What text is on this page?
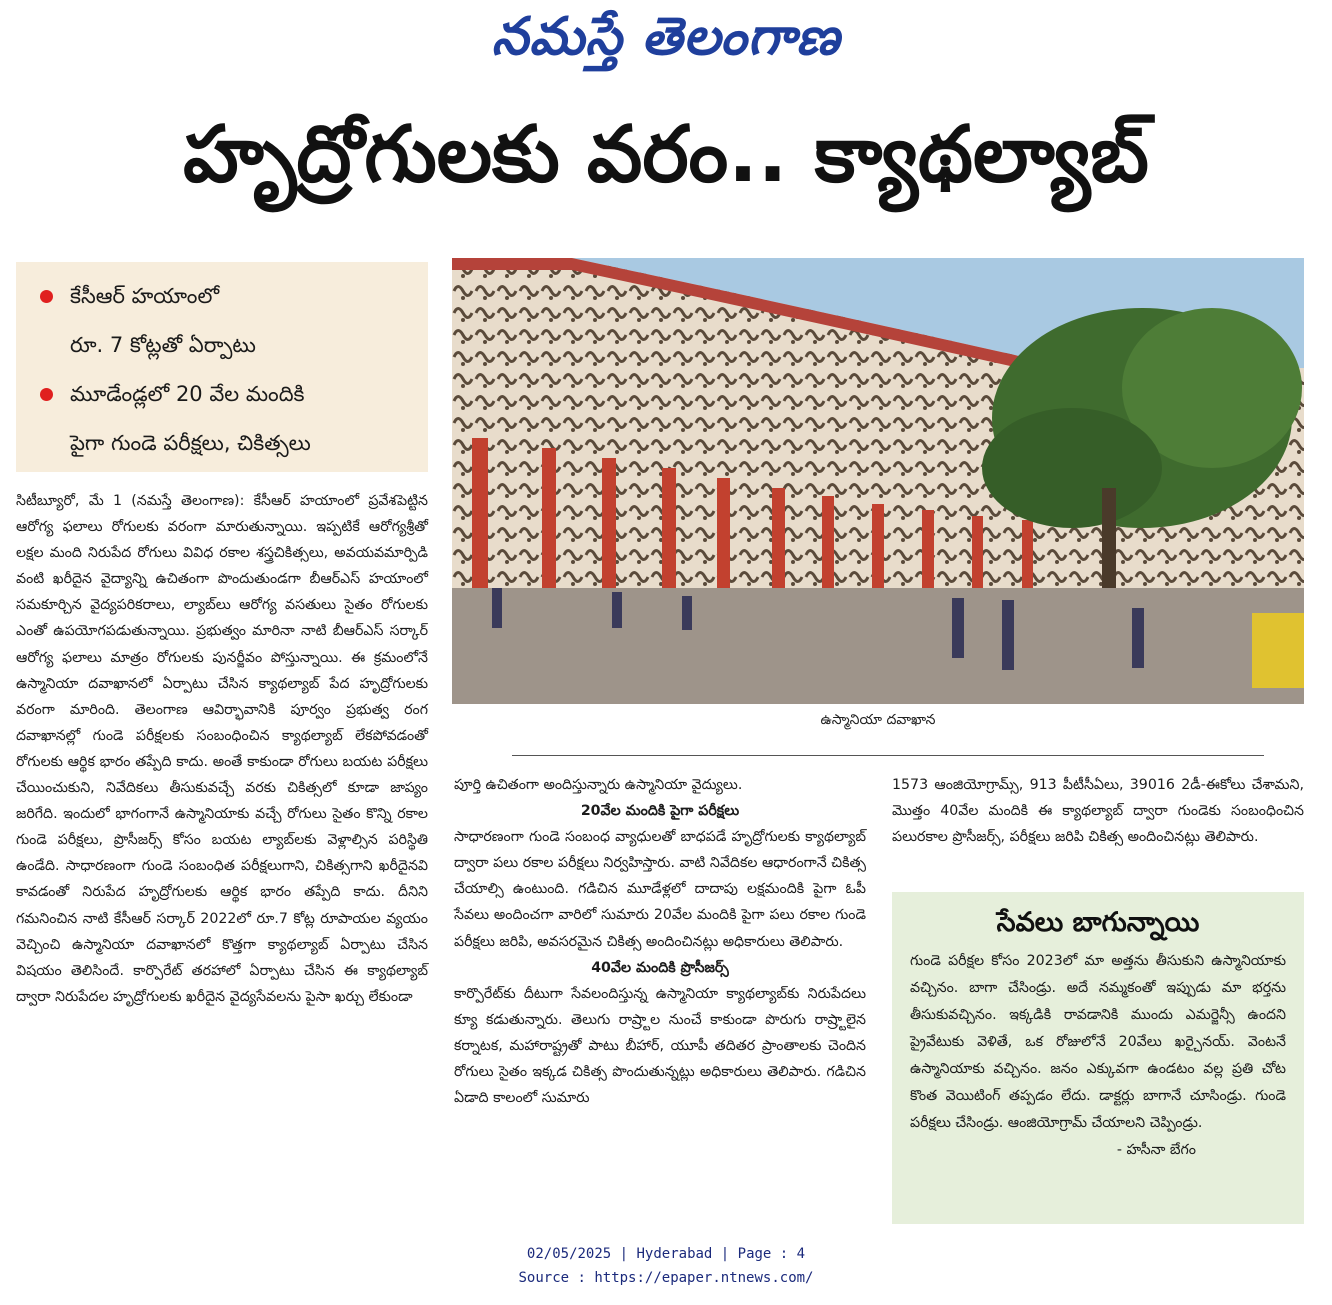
నమస్తే తెలంగాణ
హృద్రోగులకు వరం.. క్యాథల్యాబ్
కేసీఆర్ హయాంలో
రూ. 7 కోట్లతో ఏర్పాటు
మూడేండ్లలో 20 వేల మందికి
పైగా గుండె పరీక్షలు, చికిత్సలు
ఉస్మానియా దవాఖాన

సిటీబ్యూరో, మే 1 (నమస్తే తెలంగాణ): కేసీఆర్ హయాంలో ప్రవేశపెట్టిన ఆరోగ్య ఫలాలు రోగులకు వరంగా మారుతున్నాయి. ఇప్పటికే ఆరోగ్యశ్రీతో లక్షల మంది నిరుపేద రోగులు వివిధ రకాల శస్త్రచికిత్సలు, అవయవమార్పిడి వంటి ఖరీదైన వైద్యాన్ని ఉచితంగా పొందుతుండగా బీఆర్ఎస్ హయాంలో సమకూర్చిన వైద్యపరికరాలు, ల్యాబ్‌లు ఆరోగ్య వసతులు సైతం రోగులకు ఎంతో ఉపయోగపడుతున్నాయి. ప్రభుత్వం మారినా నాటి బీఆర్ఎస్ సర్కార్ ఆరోగ్య ఫలాలు మాత్రం రోగులకు పునర్జీవం పోస్తున్నాయి. ఈ క్రమంలోనే ఉస్మానియా దవాఖానలో ఏర్పాటు చేసిన క్యాథల్యాబ్ పేద హృద్రోగులకు వరంగా మారింది. తెలంగాణ ఆవిర్భావానికి పూర్వం ప్రభుత్వ రంగ దవాఖానల్లో గుండె పరీక్షలకు సంబంధించిన క్యాథల్యాబ్ లేకపోవడంతో రోగులకు ఆర్థిక భారం తప్పేది కాదు. అంతే కాకుండా రోగులు బయట పరీక్షలు చేయించుకుని, నివేదికలు తీసుకువచ్చే వరకు చికిత్సలో కూడా జాప్యం జరిగేది. ఇందులో భాగంగానే ఉస్మానియాకు వచ్చే రోగులు సైతం కొన్ని రకాల గుండె పరీక్షలు, ప్రొసీజర్స్ కోసం బయట ల్యాబ్‌లకు వెళ్లాల్సిన పరిస్థితి ఉండేది. సాధారణంగా గుండె సంబంధిత పరీక్షలుగాని, చికిత్సగాని ఖరీదైనవి కావడంతో నిరుపేద హృద్రోగులకు ఆర్థిక భారం తప్పేది కాదు. దీనిని గమనించిన నాటి కేసీఆర్ సర్కార్ 2022లో రూ.7 కోట్ల రూపాయల వ్యయం వెచ్చించి ఉస్మానియా దవాఖానలో కొత్తగా క్యాథల్యాబ్ ఏర్పాటు చేసిన విషయం తెలిసిందే. కార్పొరేట్ తరహాలో ఏర్పాటు చేసిన ఈ క్యాథల్యాబ్ ద్వారా నిరుపేదల హృద్రోగులకు ఖరీదైన వైద్యసేవలను పైసా ఖర్చు లేకుండా

పూర్తి ఉచితంగా అందిస్తున్నారు ఉస్మానియా వైద్యులు.

20వేల మందికి పైగా పరీక్షలు

సాధారణంగా గుండె సంబంధ వ్యాధులతో బాధపడే హృద్రోగులకు క్యాథల్యాబ్ ద్వారా పలు రకాల పరీక్షలు నిర్వహిస్తారు. వాటి నివేదికల ఆధారంగానే చికిత్స చేయాల్సి ఉంటుంది. గడిచిన మూడేళ్లలో దాదాపు లక్షమందికి పైగా ఓపీ సేవలు అందించగా వారిలో సుమారు 20వేల మందికి పైగా పలు రకాల గుండె పరీక్షలు జరిపి, అవసరమైన చికిత్స అందించినట్లు అధికారులు తెలిపారు.

40వేల మందికి ప్రొసీజర్స్

కార్పొరేట్‌కు దీటుగా సేవలందిస్తున్న ఉస్మానియా క్యాథల్యాబ్‌కు నిరుపేదలు క్యూ కడుతున్నారు. తెలుగు రాష్ర్టాల నుంచే కాకుండా పొరుగు రాష్ర్టాలైన కర్నాటక, మహారాష్ట్రతో పాటు బీహార్, యూపీ తదితర ప్రాంతాలకు చెందిన రోగులు సైతం ఇక్కడ చికిత్స పొందుతున్నట్లు అధికారులు తెలిపారు. గడిచిన ఏడాది కాలంలో సుమారు

1573 ఆంజియోగ్రామ్స్, 913 పీటీసీఏలు, 39016 2డీ-ఈకోలు చేశామని, మొత్తం 40వేల మందికి ఈ క్యాథల్యాబ్ ద్వారా గుండెకు సంబంధించిన పలురకాల ప్రొసీజర్స్, పరీక్షలు జరిపి చికిత్స అందించినట్లు తెలిపారు.

సేవలు బాగున్నాయి
గుండె పరీక్షల కోసం 2023లో మా అత్తను తీసుకుని ఉస్మానియాకు వచ్చినం. బాగా చేసిండ్రు. అదే నమ్మకంతో ఇప్పుడు మా భర్తను తీసుకువచ్చినం. ఇక్కడికి రావడానికి ముందు ఎమర్జెన్సీ ఉందని ప్రైవేటుకు వెళితే, ఒక రోజులోనే 20వేలు ఖర్చైనయ్. వెంటనే ఉస్మానియాకు వచ్చినం. జనం ఎక్కువగా ఉండటం వల్ల ప్రతి చోట కొంత వెయిటింగ్ తప్పడం లేదు. డాక్టర్లు బాగానే చూసిండ్రు. గుండె పరీక్షలు చేసిండ్రు. ఆంజియోగ్రామ్ చేయాలని చెప్పిండ్రు.
- హసీనా బేగం
02/05/2025 | Hyderabad | Page : 4
Source : https://epaper.ntnews.com/
